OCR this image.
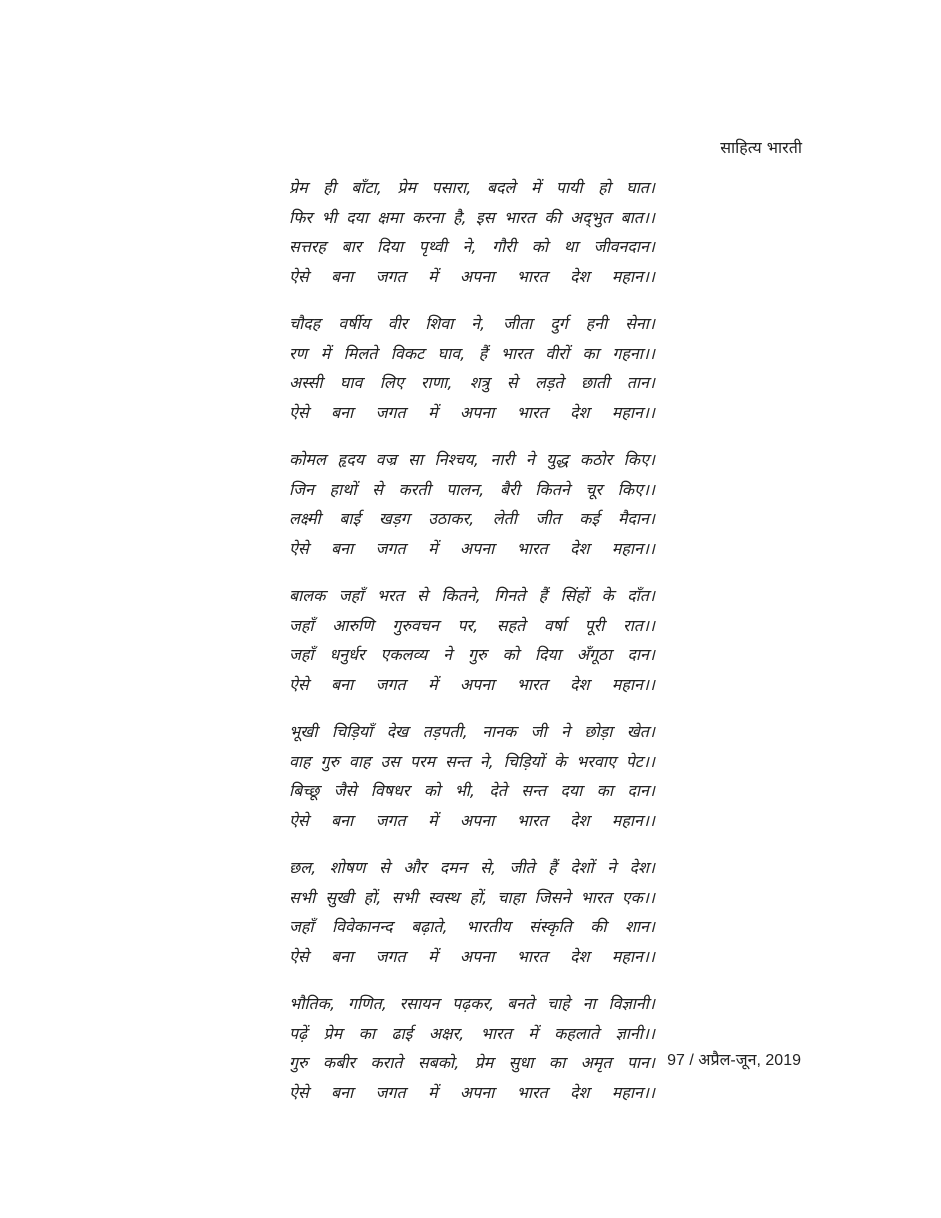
साहित्य भारती
प्रेम ही बाँटा, प्रेम पसारा, बदले में पायी हो घात।
फिर भी दया क्षमा करना है, इस भारत की अद्‌भुत बात।।
सत्तरह बार दिया पृथ्वी ने, गौरी को था जीवनदान।
ऐसे बना जगत में अपना भारत देश महान।।
चौदह वर्षीय वीर शिवा ने, जीता दुर्ग हनी सेना।
रण में मिलते विकट घाव, हैं भारत वीरों का गहना।।
अस्सी घाव लिए राणा, शत्रु से लड़ते छाती तान।
ऐसे बना जगत में अपना भारत देश महान।।
कोमल हृदय वज्र सा निश्चय, नारी ने युद्ध कठोर किए।
जिन हाथों से करती पालन, बैरी कितने चूर किए।।
लक्ष्मी बाई खड़ग उठाकर, लेती जीत कई मैदान।
ऐसे बना जगत में अपना भारत देश महान।।
बालक जहाँ भरत से कितने, गिनते हैं सिंहों के दाँत।
जहाँ आरुणि गुरुवचन पर, सहते वर्षा पूरी रात।।
जहाँ धनुर्धर एकलव्य ने गुरु को दिया अँगूठा दान।
ऐसे बना जगत में अपना भारत देश महान।।
भूखी चिड़ियाँ देख तड़पती, नानक जी ने छोड़ा खेत।
वाह गुरु वाह उस परम सन्त ने, चिड़ियों के भरवाए पेट।।
बिच्छू जैसे विषधर को भी, देते सन्त दया का दान।
ऐसे बना जगत में अपना भारत देश महान।।
छल, शोषण से और दमन से, जीते हैं देशों ने देश।
सभी सुखी हों, सभी स्वस्थ हों, चाहा जिसने भारत एक।।
जहाँ विवेकानन्द बढ़ाते, भारतीय संस्कृति की शान।
ऐसे बना जगत में अपना भारत देश महान।।
भौतिक, गणित, रसायन पढ़कर, बनते चाहे ना विज्ञानी।
पढ़ें प्रेम का ढाई अक्षर, भारत में कहलाते ज्ञानी।।
गुरु कबीर कराते सबको, प्रेम सुधा का अमृत पान।
ऐसे बना जगत में अपना भारत देश महान।।
97 / अप्रैल-जून, 2019
